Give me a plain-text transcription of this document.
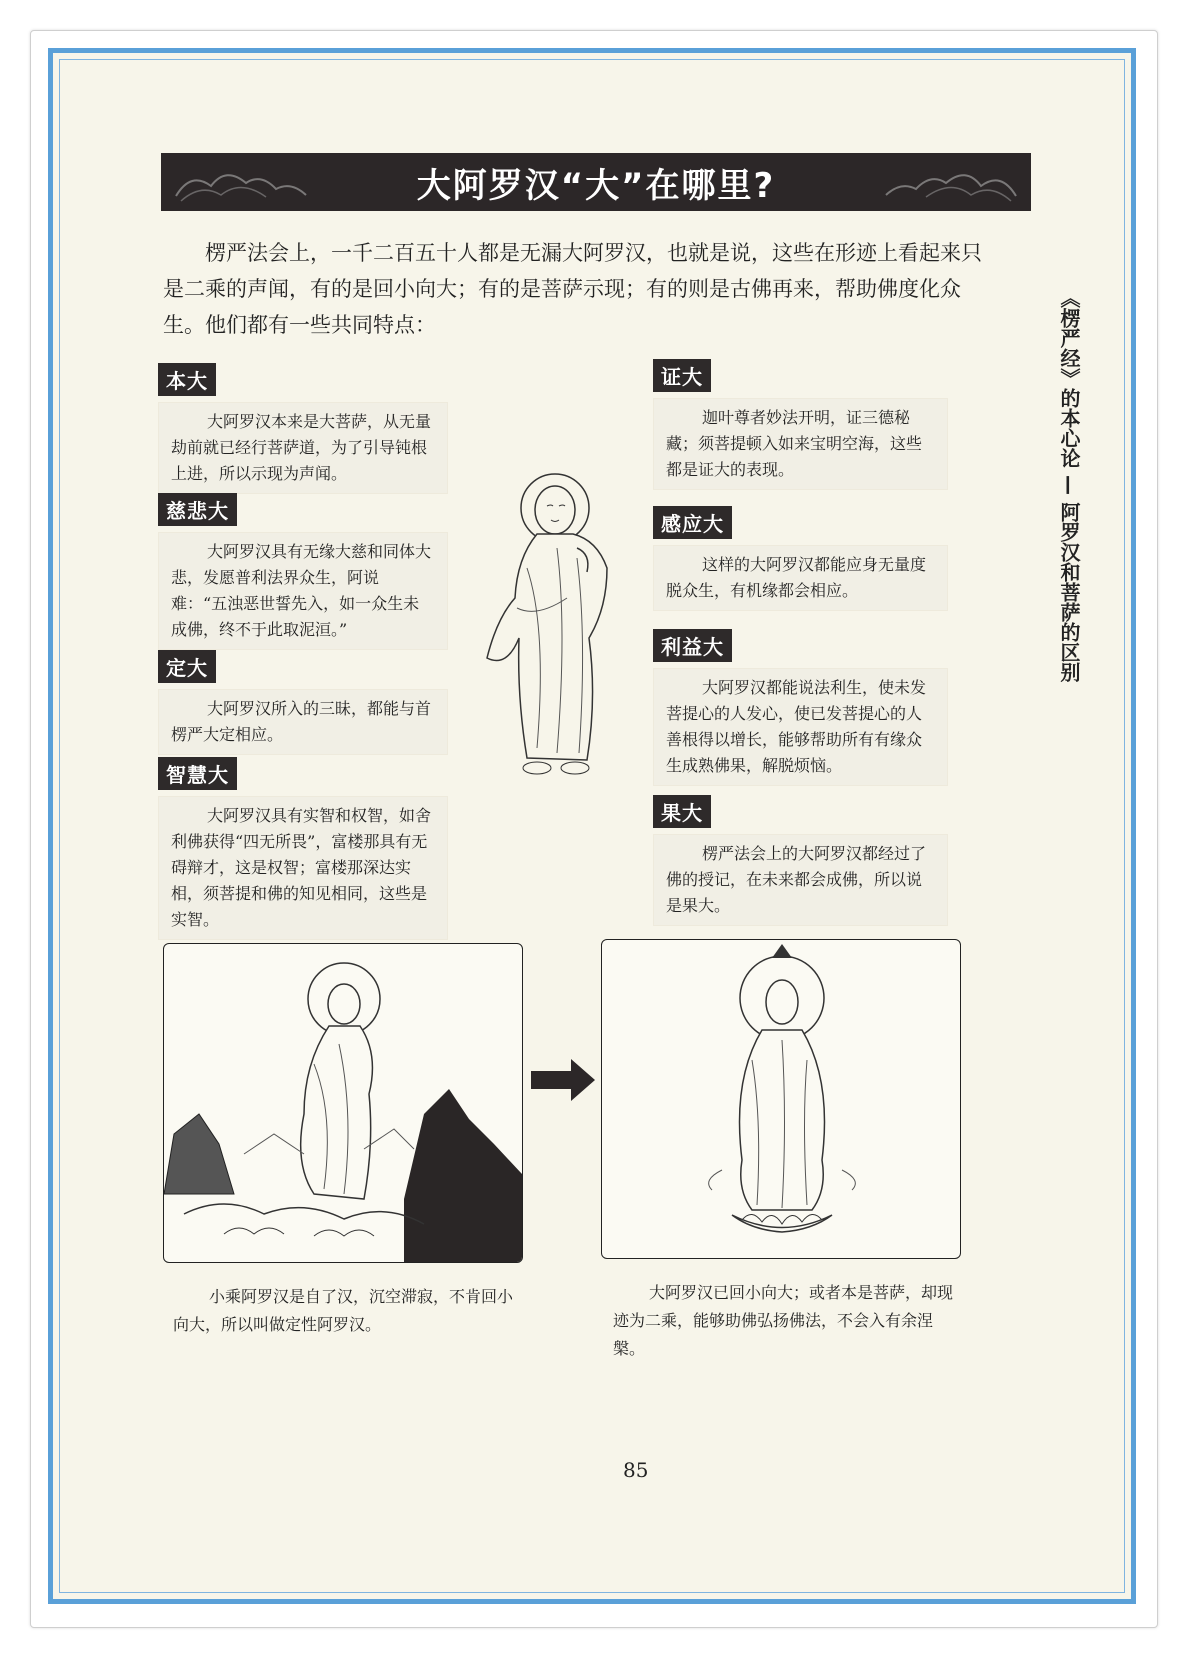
大阿罗汉“大”在哪里?
楞严法会上，一千二百五十人都是无漏大阿罗汉，也就是说，这些在形迹上看起来只是二乘的声闻，有的是回小向大；有的是菩萨示现；有的则是古佛再来，帮助佛度化众生。他们都有一些共同特点：	《楞严经》的本心论 — 阿罗汉和菩萨的区别
本大
大阿罗汉本来是大菩萨，从无量劫前就已经行菩萨道，为了引导钝根上进，所以示现为声闻。
慈悲大
大阿罗汉具有无缘大慈和同体大悲，发愿普利法界众生，阿说难：“五浊恶世誓先入，如一众生未成佛，终不于此取泥洹。”
定大
大阿罗汉所入的三昧，都能与首楞严大定相应。
智慧大
大阿罗汉具有实智和权智，如舍利佛获得“四无所畏”，富楼那具有无碍辩才，这是权智；富楼那深达实相，须菩提和佛的知见相同，这些是实智。
证大
迦叶尊者妙法开明，证三德秘藏；须菩提顿入如来宝明空海，这些都是证大的表现。
感应大
这样的大阿罗汉都能应身无量度脱众生，有机缘都会相应。
利益大
大阿罗汉都能说法利生，使未发菩提心的人发心，使已发菩提心的人善根得以增长，能够帮助所有有缘众生成熟佛果，解脱烦恼。
果大
楞严法会上的大阿罗汉都经过了佛的授记，在未来都会成佛，所以说是果大。
小乘阿罗汉是自了汉，沉空滞寂，不肯回小向大，所以叫做定性阿罗汉。
大阿罗汉已回小向大；或者本是菩萨，却现迹为二乘，能够助佛弘扬佛法，不会入有余涅槃。
85
